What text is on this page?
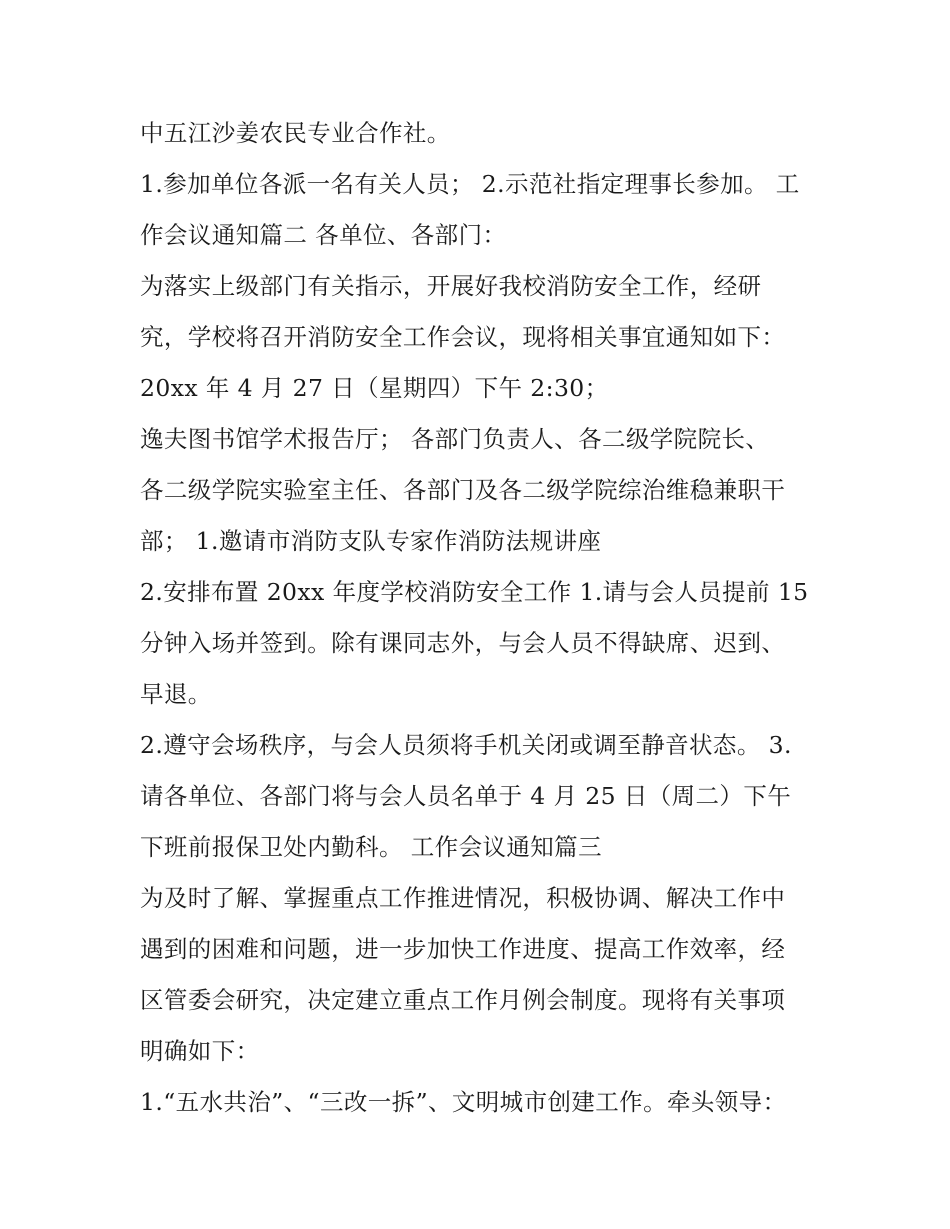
中五江沙姜农民专业合作社。
1.参加单位各派一名有关人员； 2.示范社指定理事长参加。 工
作会议通知篇二 各单位、各部门：
为落实上级部门有关指示，开展好我校消防安全工作，经研
究，学校将召开消防安全工作会议，现将相关事宜通知如下：
20xx 年 4 月 27 日（星期四）下午 2:30；
逸夫图书馆学术报告厅； 各部门负责人、各二级学院院长、
各二级学院实验室主任、各部门及各二级学院综治维稳兼职干
部； 1.邀请市消防支队专家作消防法规讲座
2.安排布置 20xx 年度学校消防安全工作 1.请与会人员提前 15
分钟入场并签到。除有课同志外，与会人员不得缺席、迟到、
早退。
2.遵守会场秩序，与会人员须将手机关闭或调至静音状态。 3.
请各单位、各部门将与会人员名单于 4 月 25 日（周二）下午
下班前报保卫处内勤科。 工作会议通知篇三
为及时了解、掌握重点工作推进情况，积极协调、解决工作中
遇到的困难和问题，进一步加快工作进度、提高工作效率，经
区管委会研究，决定建立重点工作月例会制度。现将有关事项
明确如下：
1.“五水共治”、“三改一拆”、文明城市创建工作。牵头领导：
